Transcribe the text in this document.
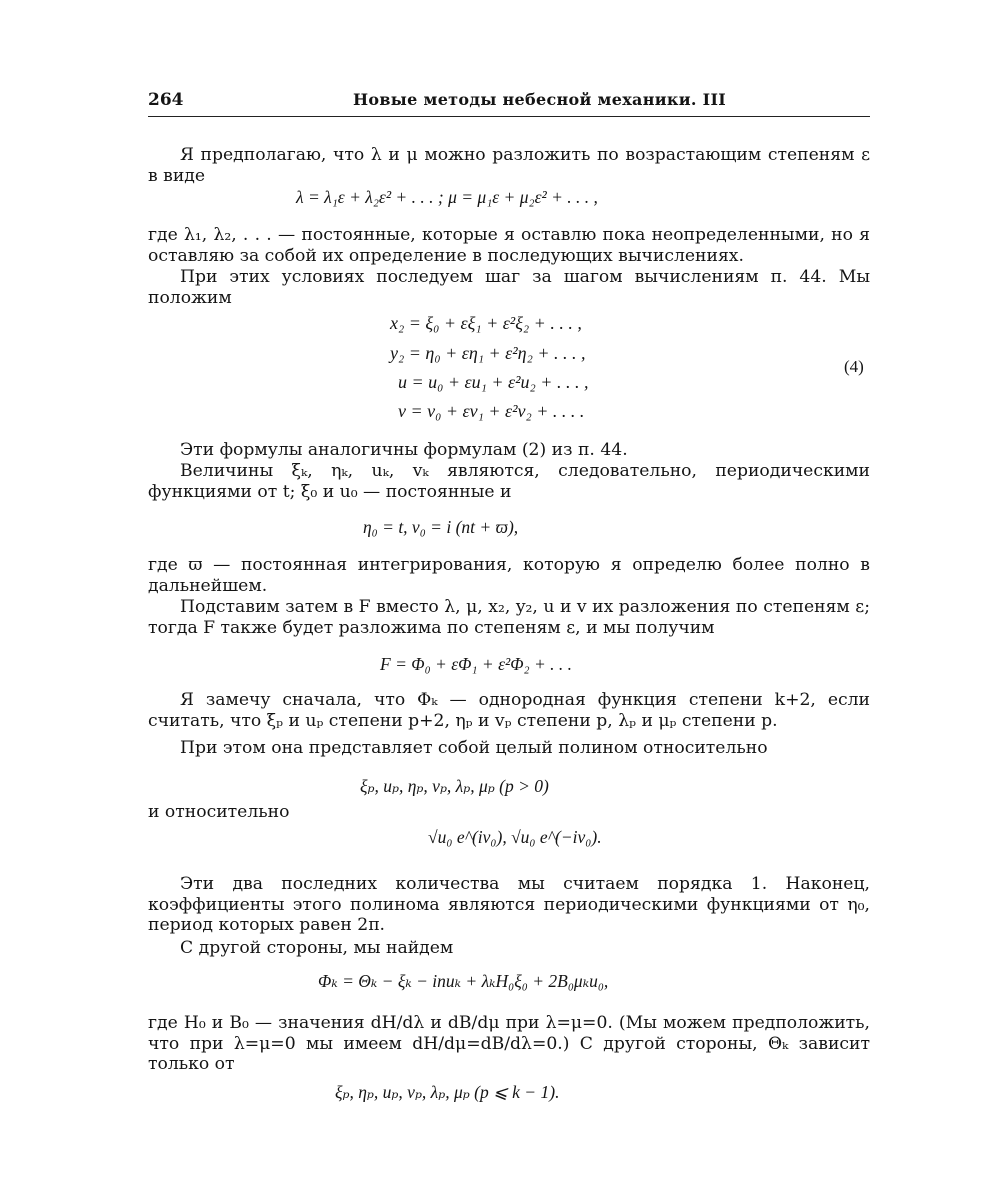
264	Новые методы небесной механики. III
Я предполагаю, что λ и μ можно разложить по возрастающим степеням ε в виде
λ = λ₁ε + λ₂ε² + . . . ; μ = μ₁ε + μ₂ε² + . . . ,
где λ₁, λ₂, . . . — постоянные, которые я оставлю пока неопределенными, но я оставляю за собой их определение в последующих вычислениях.
При этих условиях последуем шаг за шагом вычислениям п. 44. Мы положим
x₂ = ξ₀ + εξ₁ + ε²ξ₂ + . . . ,
y₂ = η₀ + εη₁ + ε²η₂ + . . . ,
u = u₀ + εu₁ + ε²u₂ + . . . ,
v = v₀ + εv₁ + ε²v₂ + . . . .
(4)
Эти формулы аналогичны формулам (2) из п. 44.
Величины ξₖ, ηₖ, uₖ, vₖ являются, следовательно, периодическими функциями от t; ξ₀ и u₀ — постоянные и
η₀ = t, v₀ = i (nt + ϖ),
где ϖ — постоянная интегрирования, которую я определю более полно в дальнейшем.
Подставим затем в F вместо λ, μ, x₂, y₂, u и v их разложения по степеням ε; тогда F также будет разложима по степеням ε, и мы получим
F = Φ₀ + εΦ₁ + ε²Φ₂ + . . .
Я замечу сначала, что Φₖ — однородная функция степени k+2, если считать, что ξₚ и uₚ степени p+2, ηₚ и vₚ степени p, λₚ и μₚ степени p.
При этом она представляет собой целый полином относительно
ξₚ, uₚ, ηₚ, vₚ, λₚ, μₚ (p > 0)
и относительно
√u₀ e^(iv₀), √u₀ e^(−iv₀).
Эти два последних количества мы считаем порядка 1. Наконец, коэффициенты этого полинома являются периодическими функциями от η₀, период которых равен 2π.
С другой стороны, мы найдем
Φₖ = Θₖ − ξₖ − inuₖ + λₖH₀ξ₀ + 2B₀μₖu₀,
где H₀ и B₀ — значения dH/dλ и dB/dμ при λ=μ=0. (Мы можем предположить, что при λ=μ=0 мы имеем dH/dμ=dB/dλ=0.) С другой стороны, Θₖ зависит только от
ξₚ, ηₚ, uₚ, vₚ, λₚ, μₚ (p ⩽ k − 1).
